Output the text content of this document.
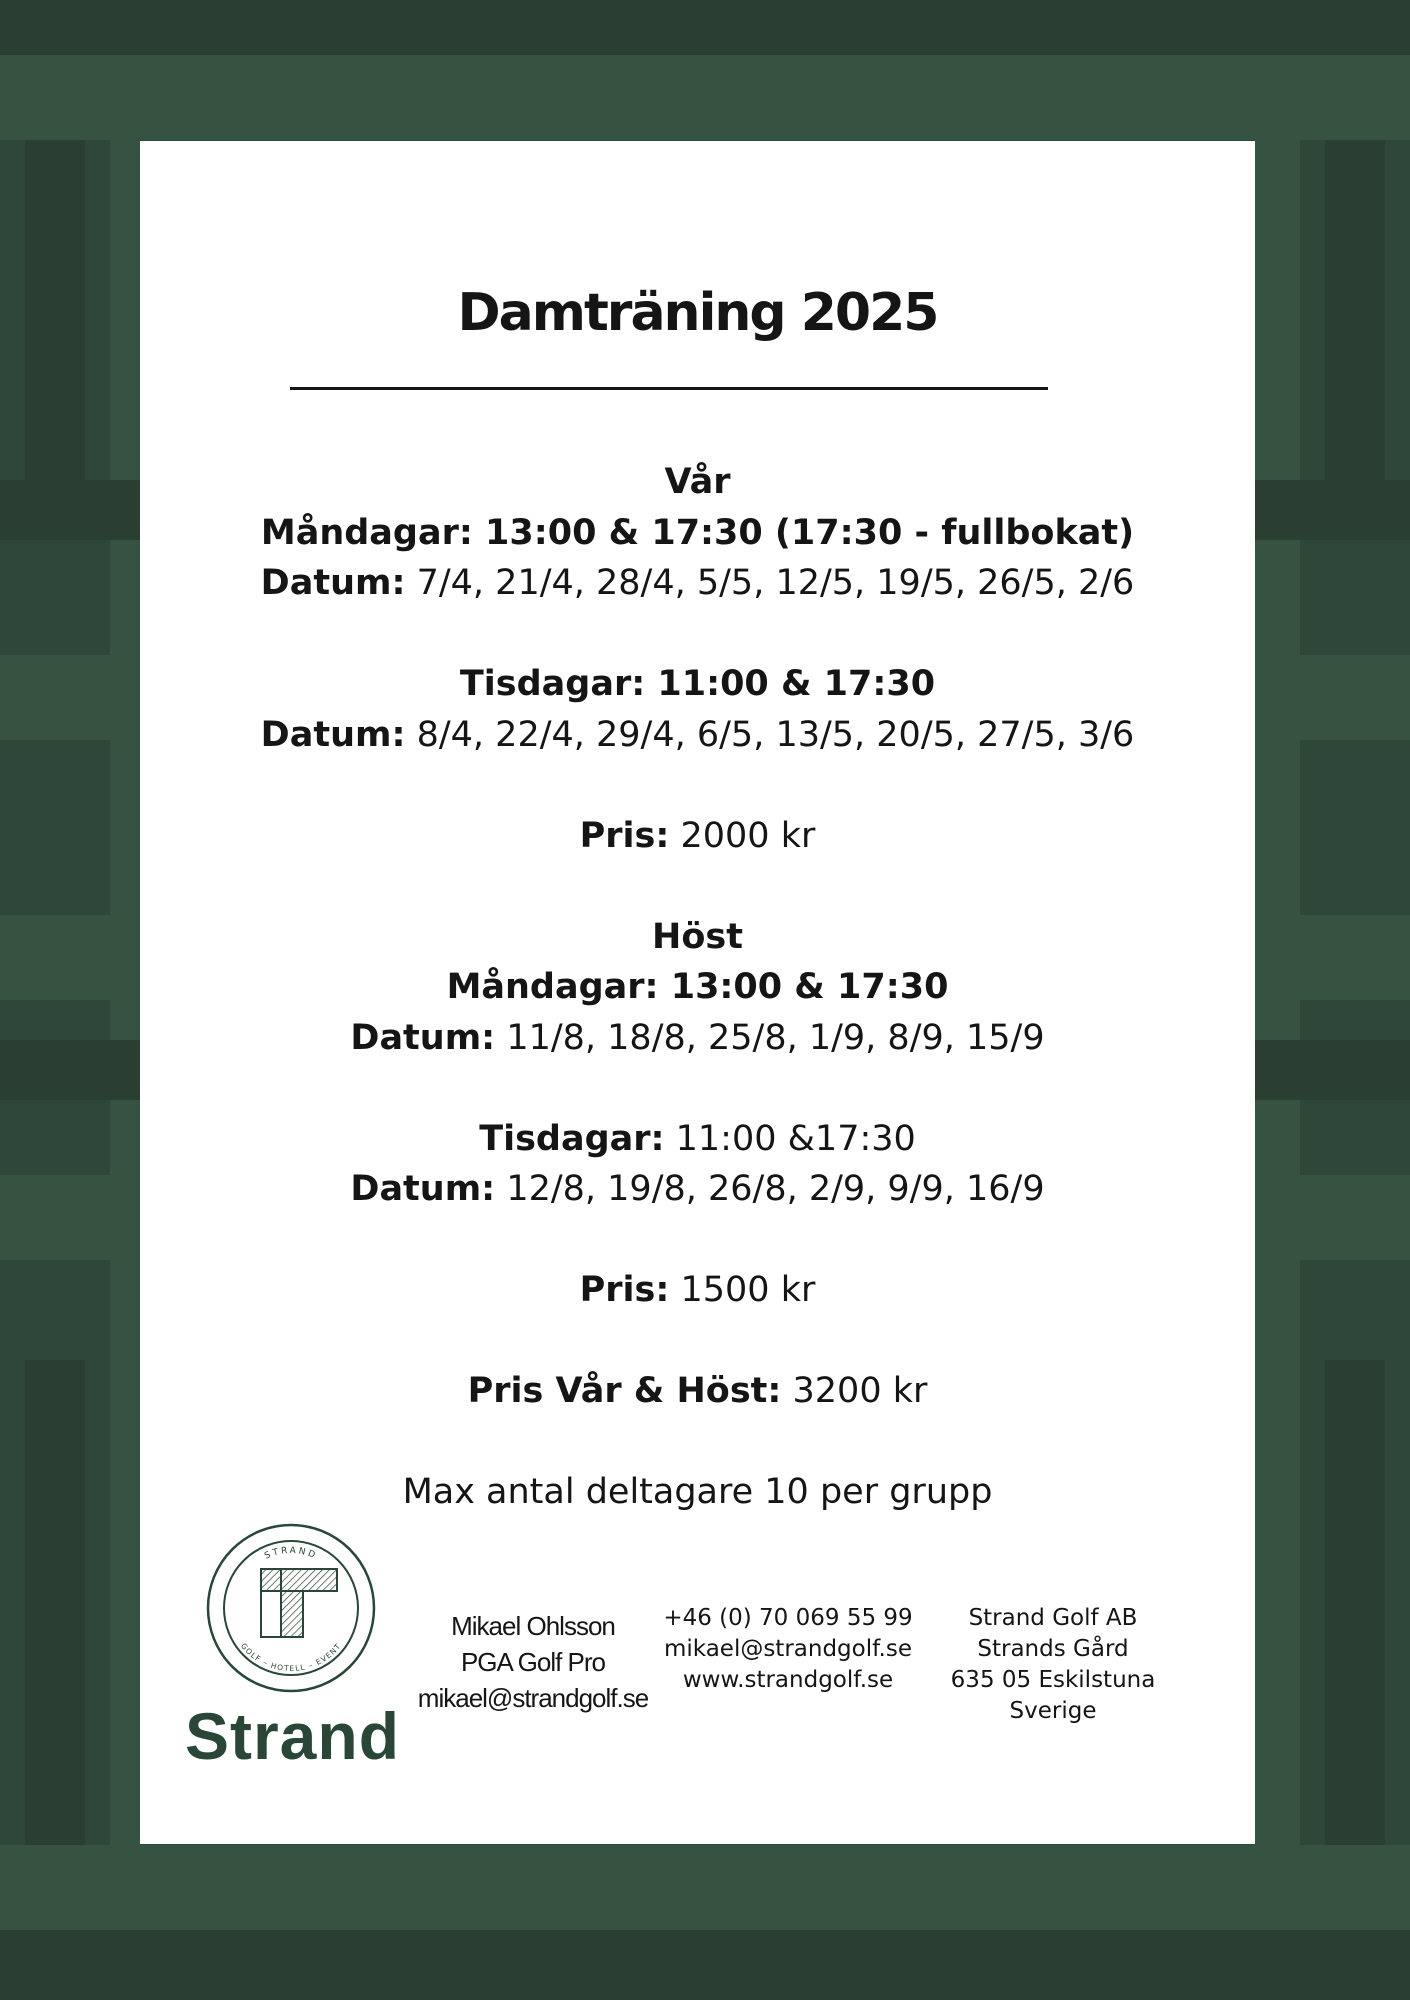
Damträning 2025
Vår
Måndagar: 13:00 & 17:30 (17:30 - fullbokat)
Datum: 7/4, 21/4, 28/4, 5/5, 12/5, 19/5, 26/5, 2/6
Tisdagar: 11:00 & 17:30
Datum: 8/4, 22/4, 29/4, 6/5, 13/5, 20/5, 27/5, 3/6
Pris: 2000 kr
Höst
Måndagar: 13:00 & 17:30
Datum: 11/8, 18/8, 25/8, 1/9, 8/9, 15/9
Tisdagar: 11:00 &17:30
Datum: 12/8, 19/8, 26/8, 2/9, 9/9, 16/9
Pris: 1500 kr
Pris Vår & Höst: 3200 kr
Max antal deltagare 10 per grupp
STRAND
GOLF – HOTELL – EVENT
Strand
Mikael Ohlsson
PGA Golf Pro
mikael@strandgolf.se
+46 (0) 70 069 55 99
mikael@strandgolf.se
www.strandgolf.se
Strand Golf AB
Strands Gård
635 05 Eskilstuna
Sverige
